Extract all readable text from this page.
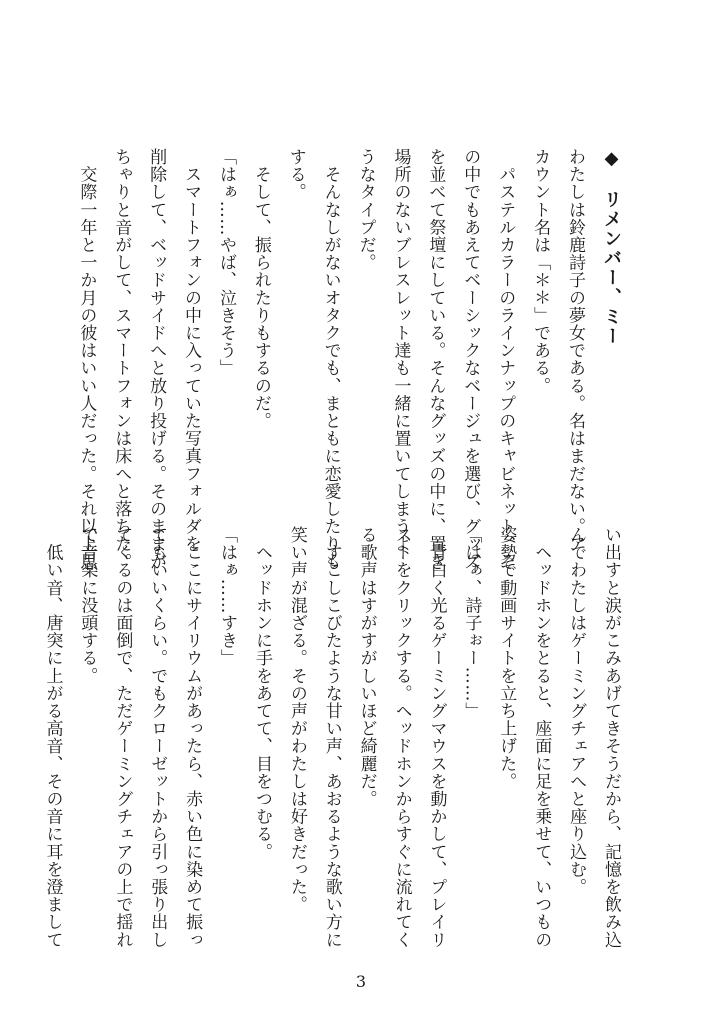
◆　リメンバー、ミー
わたしは鈴鹿詩子の夢女である。名はまだない。ア
カウント名は「＊＊」である。
　パステルカラーのラインナップのキャビネット、そ
の中でもあえてベーシックなベージュを選び、グッズ
を並べて祭壇にしている。そんなグッズの中に、置き
場所のないブレスレット達も一緒に置いてしまうよ
うなタイプだ。
　そんなしがないオタクでも、まともに恋愛したりも
する。
　そして、振られたりもするのだ。
「はぁ……やば、泣きそう」
　スマートフォンの中に入っていた写真フォルダを
削除して、ベッドサイドへと放り投げる。そのままが
ちゃりと音がして、スマートフォンは床へと落ちた。
　交際一年と一か月の彼はいい人だった。それ以上思
い出すと涙がこみあげてきそうだから、記憶を飲み込
んでわたしはゲーミングチェアへと座り込む。
　ヘッドホンをとると、座面に足を乗せて、いつもの
姿勢で動画サイトを立ち上げた。
「はぁ、詩子ぉー……」
　青白く光るゲーミングマウスを動かして、プレイリ
ストをクリックする。ヘッドホンからすぐに流れてく
る歌声はすがすがしいほど綺麗だ。
　すこしこびたような甘い声、あおるような歌い方に
笑い声が混ざる。その声がわたしは好きだった。
　ヘッドホンに手をあてて、目をつむる。
「はぁ……すき」
　ここにサイリウムがあったら、赤い色に染めて振っ
てもいいくらい。でもクローゼットから引っ張り出し
てくるのは面倒で、ただゲーミングチェアの上で揺れ
て音楽に没頭する。
　低い音、唐突に上がる高音、その音に耳を澄まして
3
